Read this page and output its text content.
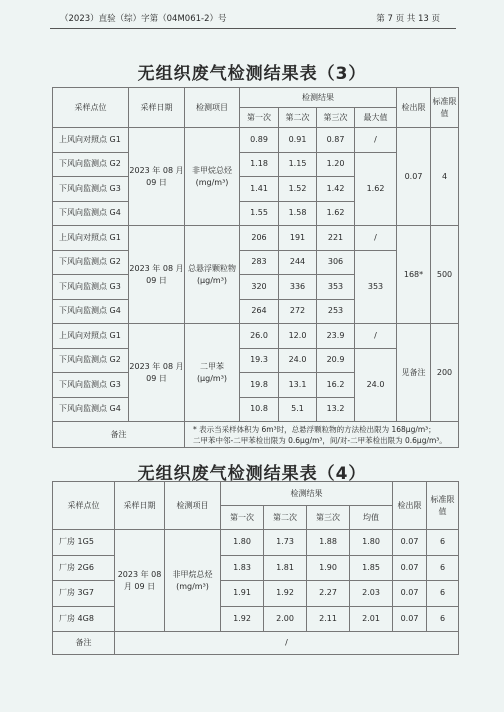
（2023）直验（综）字第（04M061-2）号	第 7 页 共 13 页
无组织废气检测结果表（3）
采样点位	采样日期	检测项目	检测结果				检出限	标准限值
			第一次	第二次	第三次	最大值		
上风向对照点 G1	2023 年 08 月 09 日	非甲烷总烃 (mg/m³)	0.89	0.91	0.87	/	0.07	4
下风向监测点 G2			1.18	1.15	1.20	1.62		
下风向监测点 G3			1.41	1.52	1.42			
下风向监测点 G4			1.55	1.58	1.62			
上风向对照点 G1	2023 年 08 月 09 日	总悬浮颗粒物 (μg/m³)	206	191	221	/	168*	500
下风向监测点 G2			283	244	306	353		
下风向监测点 G3			320	336	353			
下风向监测点 G4			264	272	253			
上风向对照点 G1	2023 年 08 月 09 日	二甲苯 (μg/m³)	26.0	12.0	23.9	/	见备注	200
下风向监测点 G2			19.3	24.0	20.9	24.0		
下风向监测点 G3			19.8	13.1	16.2			
下风向监测点 G4			10.8	5.1	13.2			
备注		* 表示当采样体积为 6m³时，总悬浮颗粒物的方法检出限为 168μg/m³；
二甲苯中邻-二甲苯检出限为 0.6μg/m³，间/对-二甲苯检出限为 0.6μg/m³。						
无组织废气检测结果表（4）
采样点位	采样日期	检测项目	检测结果				检出限	标准限值
			第一次	第二次	第三次	均值		
厂房 1G5	2023 年 08 月 09 日	非甲烷总烃 (mg/m³)	1.80	1.73	1.88	1.80	0.07	6
厂房 2G6			1.83	1.81	1.90	1.85	0.07	6
厂房 3G7			1.91	1.92	2.27	2.03	0.07	6
厂房 4G8			1.92	2.00	2.11	2.01	0.07	6
备注	/							
